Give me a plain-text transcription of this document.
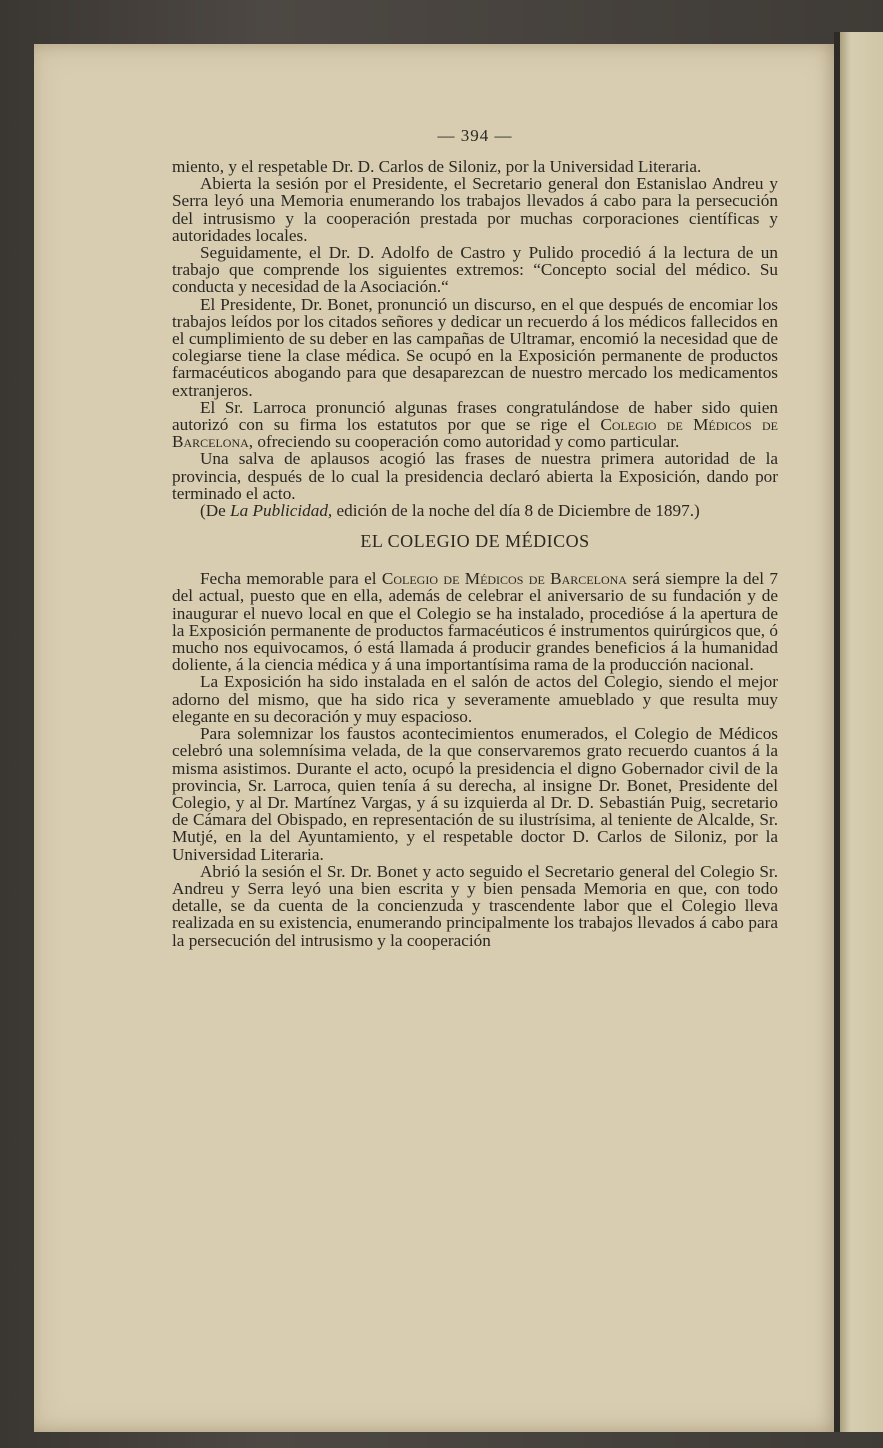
— 394 —

miento, y el respetable Dr. D. Carlos de Siloniz, por la Universidad Literaria.

Abierta la sesión por el Presidente, el Secretario general don Estanislao Andreu y Serra leyó una Memoria enumerando los trabajos llevados á cabo para la persecución del intrusismo y la cooperación prestada por muchas corporaciones científicas y autoridades locales.

Seguidamente, el Dr. D. Adolfo de Castro y Pulido procedió á la lectura de un trabajo que comprende los siguientes extremos: “Concepto social del médico. Su conducta y necesidad de la Asociación.“

El Presidente, Dr. Bonet, pronunció un discurso, en el que después de encomiar los trabajos leídos por los citados señores y dedicar un recuerdo á los médicos fallecidos en el cumplimiento de su deber en las campañas de Ultramar, encomió la necesidad que de colegiarse tiene la clase médica. Se ocupó en la Exposición permanente de productos farmacéuticos abogando para que desaparezcan de nuestro mercado los medicamentos extranjeros.

El Sr. Larroca pronunció algunas frases congratulándose de haber sido quien autorizó con su firma los estatutos por que se rige el Colegio de Médicos de Barcelona, ofreciendo su cooperación como autoridad y como particular.

Una salva de aplausos acogió las frases de nuestra primera autoridad de la provincia, después de lo cual la presidencia declaró abierta la Exposición, dando por terminado el acto.

(De La Publicidad, edición de la noche del día 8 de Diciembre de 1897.)

EL COLEGIO DE MÉDICOS

Fecha memorable para el Colegio de Médicos de Barcelona será siempre la del 7 del actual, puesto que en ella, además de celebrar el aniversario de su fundación y de inaugurar el nuevo local en que el Colegio se ha instalado, procedióse á la apertura de la Exposición permanente de productos farmacéuticos é instrumentos quirúrgicos que, ó mucho nos equivocamos, ó está llamada á producir grandes beneficios á la humanidad doliente, á la ciencia médica y á una importantísima rama de la producción nacional.

La Exposición ha sido instalada en el salón de actos del Colegio, siendo el mejor adorno del mismo, que ha sido rica y severamente amueblado y que resulta muy elegante en su decoración y muy espacioso.

Para solemnizar los faustos acontecimientos enumerados, el Colegio de Médicos celebró una solemnísima velada, de la que conservaremos grato recuerdo cuantos á la misma asistimos. Durante el acto, ocupó la presidencia el digno Gobernador civil de la provincia, Sr. Larroca, quien tenía á su derecha, al insigne Dr. Bonet, Presidente del Colegio, y al Dr. Martínez Vargas, y á su izquierda al Dr. D. Sebastián Puig, secretario de Cámara del Obispado, en representación de su ilustrísima, al teniente de Alcalde, Sr. Mutjé, en la del Ayuntamiento, y el respetable doctor D. Carlos de Siloniz, por la Universidad Literaria.

Abrió la sesión el Sr. Dr. Bonet y acto seguido el Secretario general del Colegio Sr. Andreu y Serra leyó una bien escrita y y bien pensada Memoria en que, con todo detalle, se da cuenta de la concienzuda y trascendente labor que el Colegio lleva realizada en su existencia, enumerando principalmente los trabajos llevados á cabo para la persecución del intrusismo y la cooperación
